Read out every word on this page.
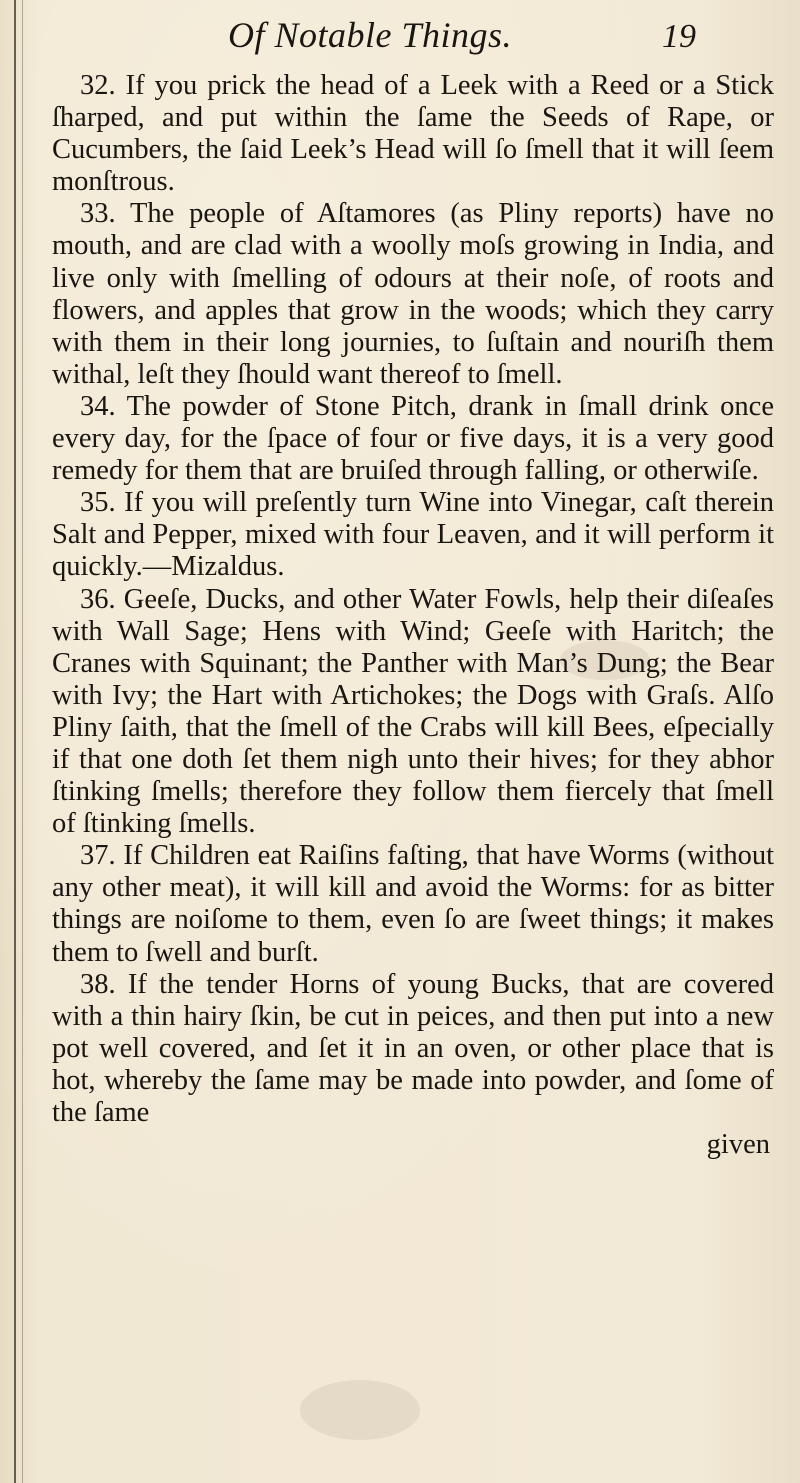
Of Notable Things.	19

32. If you prick the head of a Leek with a Reed or a Stick ſharped, and put within the ſame the Seeds of Rape, or Cucumbers, the ſaid Leek’s Head will ſo ſmell that it will ſeem monſtrous.

33. The people of Aſtamores (as Pliny reports) have no mouth, and are clad with a woolly moſs growing in India, and live only with ſmelling of odours at their noſe, of roots and flowers, and apples that grow in the woods; which they carry with them in their long journies, to ſuſtain and nouriſh them withal, leſt they ſhould want thereof to ſmell.

34. The powder of Stone Pitch, drank in ſmall drink once every day, for the ſpace of four or five days, it is a very good remedy for them that are bruiſed through falling, or otherwiſe.

35. If you will preſently turn Wine into Vinegar, caſt therein Salt and Pepper, mixed with four Leaven, and it will perform it quickly.—Mizaldus.

36. Geeſe, Ducks, and other Water Fowls, help their diſeaſes with Wall Sage; Hens with Wind; Geeſe with Haritch; the Cranes with Squinant; the Panther with Man’s Dung; the Bear with Ivy; the Hart with Artichokes; the Dogs with Graſs. Alſo Pliny ſaith, that the ſmell of the Crabs will kill Bees, eſpecially if that one doth ſet them nigh unto their hives; for they abhor ſtinking ſmells; therefore they follow them fiercely that ſmell of ſtinking ſmells.

37. If Children eat Raiſins faſting, that have Worms (without any other meat), it will kill and avoid the Worms: for as bitter things are noiſome to them, even ſo are ſweet things; it makes them to ſwell and burſt.

38. If the tender Horns of young Bucks, that are covered with a thin hairy ſkin, be cut in peices, and then put into a new pot well covered, and ſet it in an oven, or other place that is hot, whereby the ſame may be made into powder, and ſome of the ſame

given
